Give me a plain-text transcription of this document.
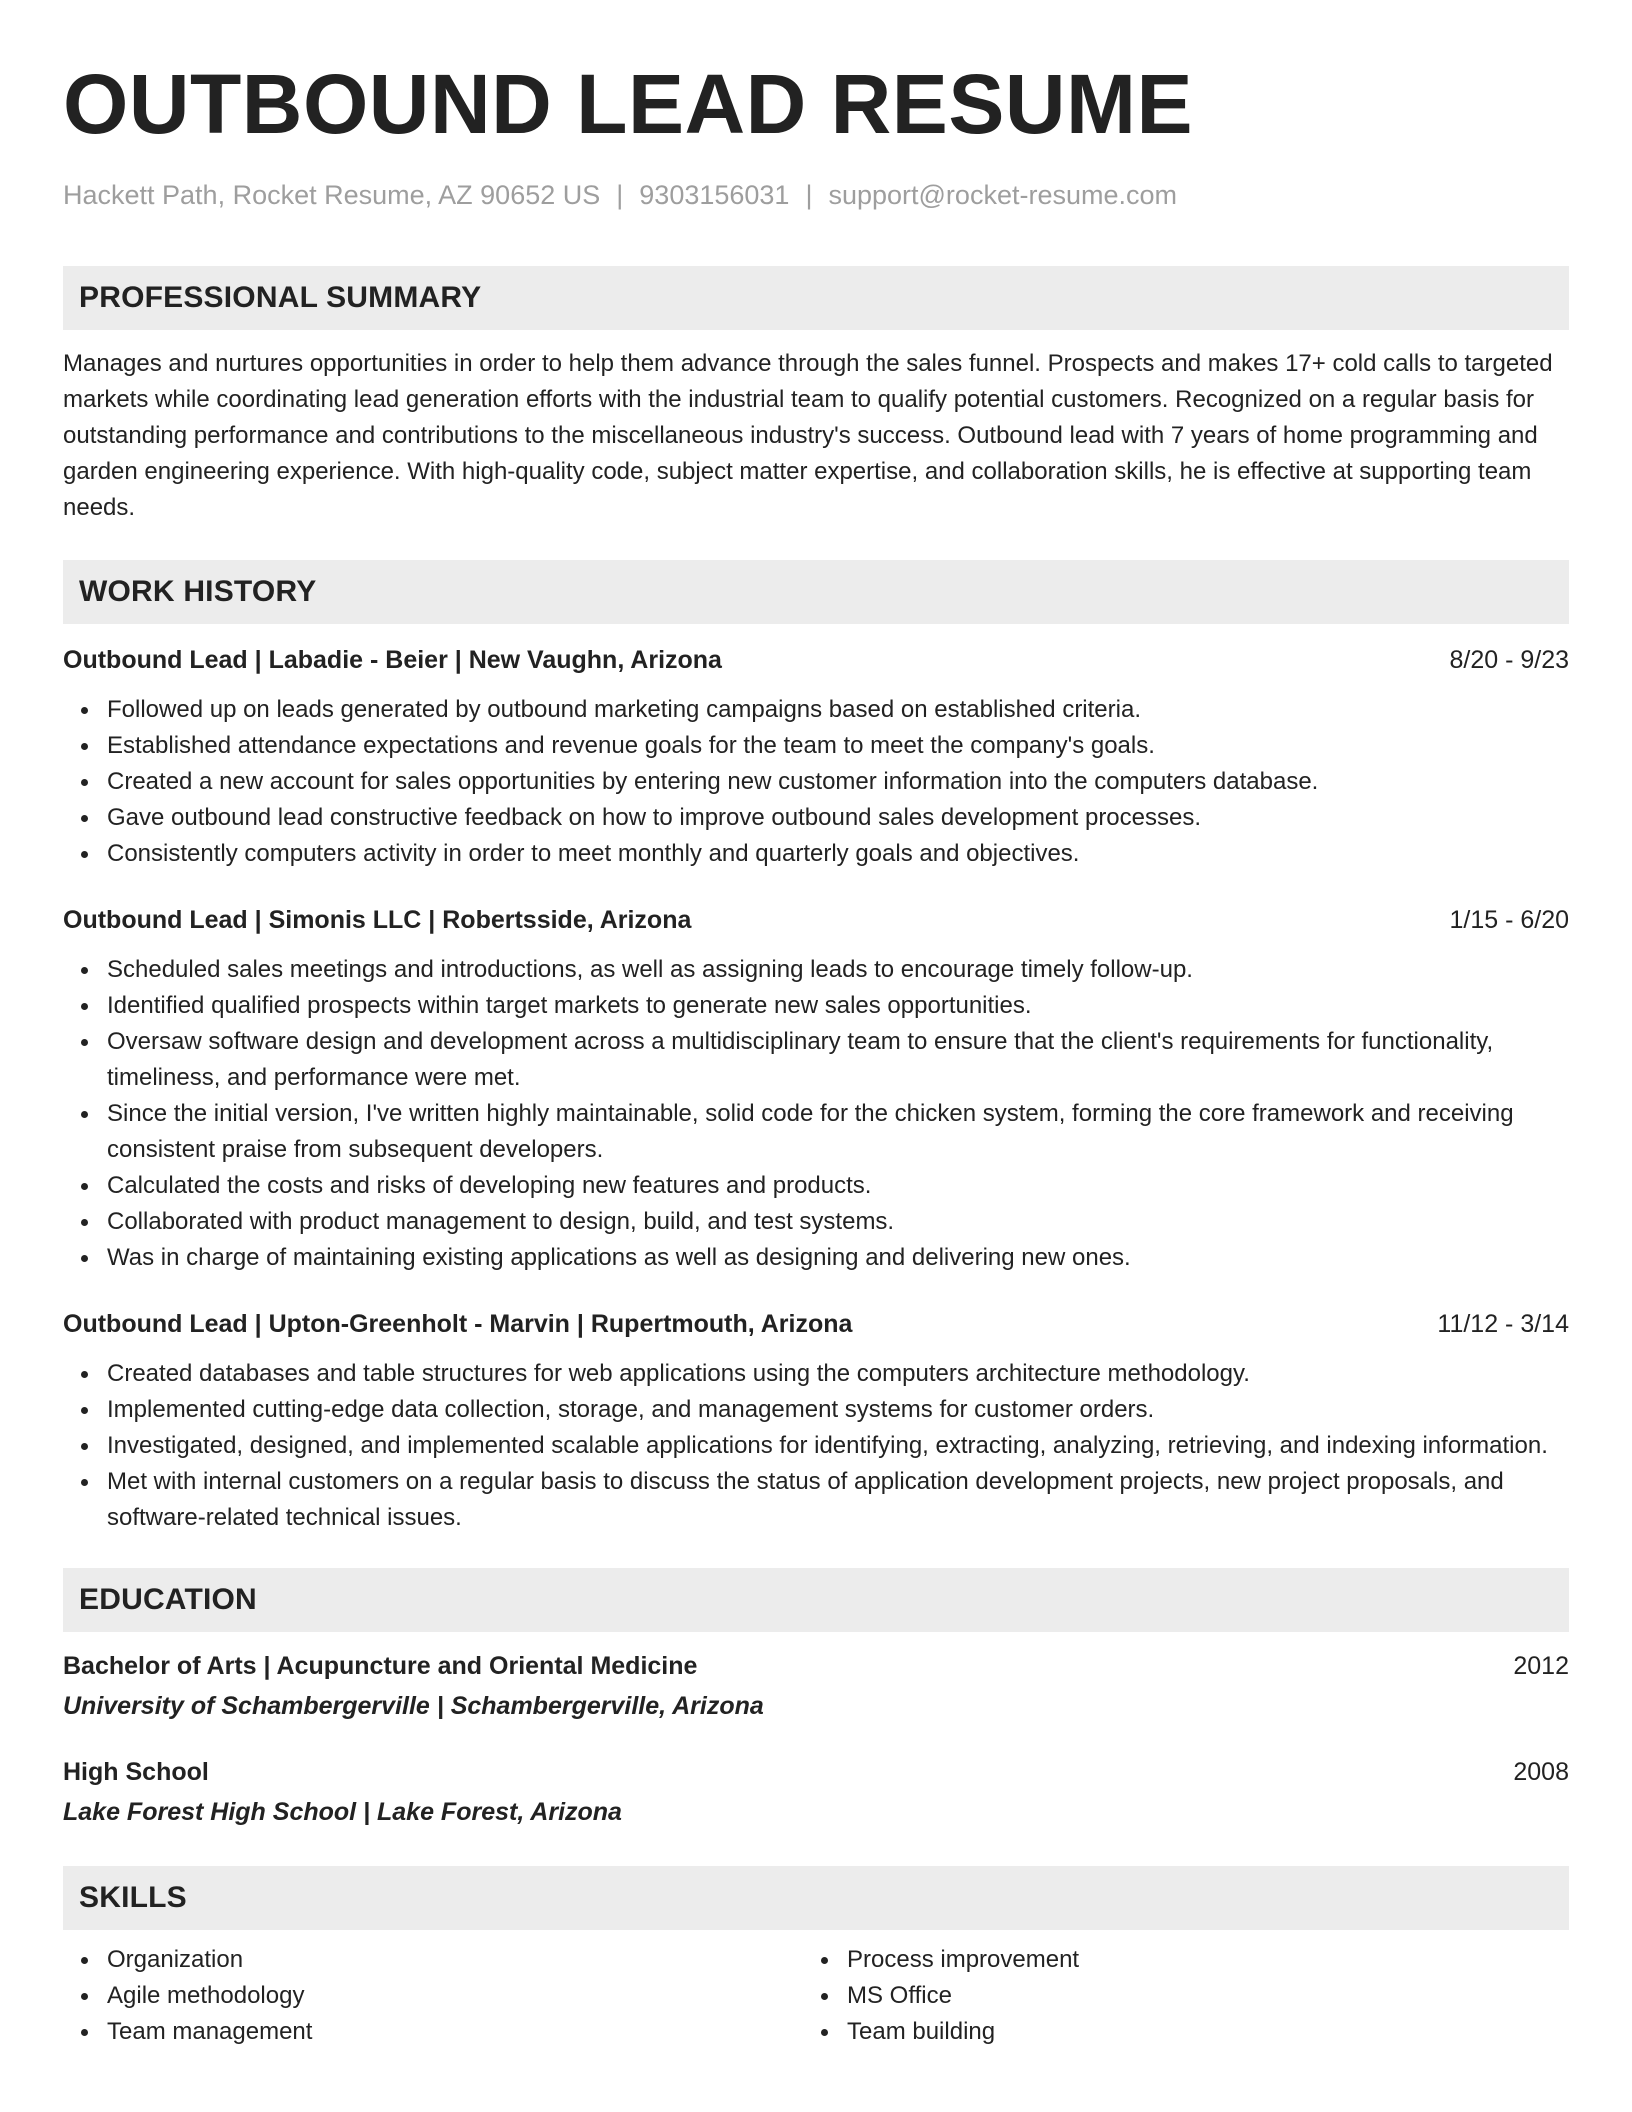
OUTBOUND LEAD RESUME
Hackett Path, Rocket Resume, AZ 90652 US | 9303156031 | support@rocket-resume.com
PROFESSIONAL SUMMARY

Manages and nurtures opportunities in order to help them advance through the sales funnel. Prospects and makes 17+ cold calls to targeted markets while coordinating lead generation efforts with the industrial team to qualify potential customers. Recognized on a regular basis for outstanding performance and contributions to the miscellaneous industry's success. Outbound lead with 7 years of home programming and garden engineering experience. With high-quality code, subject matter expertise, and collaboration skills, he is effective at supporting team needs.

WORK HISTORY
Outbound Lead | Labadie - Beier | New Vaughn, Arizona	8/20 - 9/23
Followed up on leads generated by outbound marketing campaigns based on established criteria.
Established attendance expectations and revenue goals for the team to meet the company's goals.
Created a new account for sales opportunities by entering new customer information into the computers database.
Gave outbound lead constructive feedback on how to improve outbound sales development processes.
Consistently computers activity in order to meet monthly and quarterly goals and objectives.
Outbound Lead | Simonis LLC | Robertsside, Arizona	1/15 - 6/20
Scheduled sales meetings and introductions, as well as assigning leads to encourage timely follow-up.
Identified qualified prospects within target markets to generate new sales opportunities.
Oversaw software design and development across a multidisciplinary team to ensure that the client's requirements for functionality, timeliness, and performance were met.
Since the initial version, I've written highly maintainable, solid code for the chicken system, forming the core framework and receiving consistent praise from subsequent developers.
Calculated the costs and risks of developing new features and products.
Collaborated with product management to design, build, and test systems.
Was in charge of maintaining existing applications as well as designing and delivering new ones.
Outbound Lead | Upton-Greenholt - Marvin | Rupertmouth, Arizona	11/12 - 3/14
Created databases and table structures for web applications using the computers architecture methodology.
Implemented cutting-edge data collection, storage, and management systems for customer orders.
Investigated, designed, and implemented scalable applications for identifying, extracting, analyzing, retrieving, and indexing information.
Met with internal customers on a regular basis to discuss the status of application development projects, new project proposals, and software-related technical issues.
EDUCATION
Bachelor of Arts | Acupuncture and Oriental Medicine	2012
University of Schambergerville | Schambergerville, Arizona
High School	2008
Lake Forest High School | Lake Forest, Arizona
SKILLS
Organization
Agile methodology
Team management
Process improvement
MS Office
Team building
